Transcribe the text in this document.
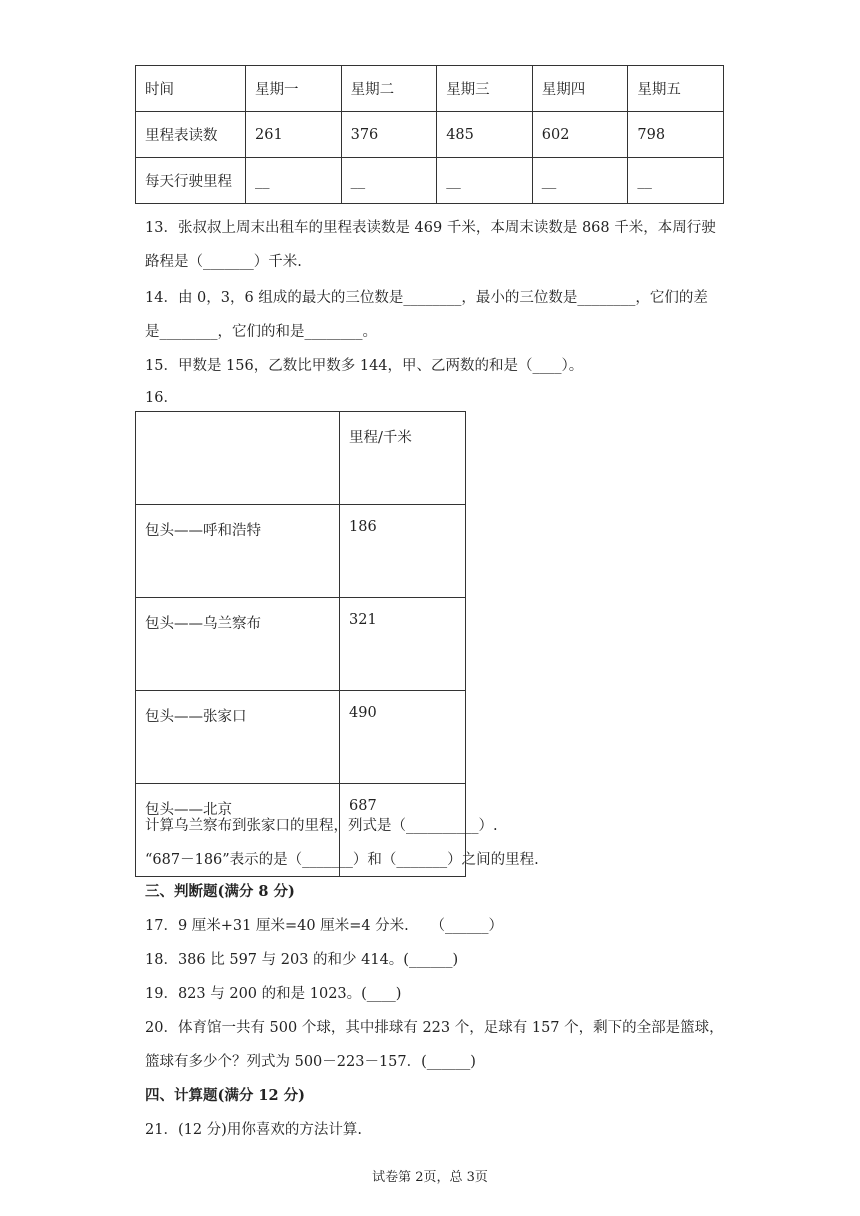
时间	星期一	星期二	星期三	星期四	星期五
里程表读数	261	376	485	602	798
每天行驶里程	__	__	__	__	__
13．张叔叔上周末出租车的里程表读数是 469 千米，本周末读数是 868 千米，本周行驶
路程是（_______）千米.
14．由 0，3，6 组成的最大的三位数是________，最小的三位数是________，它们的差
是________，它们的和是________。
15．甲数是 156，乙数比甲数多 144，甲、乙两数的和是（____）。
16．
	里程/千米
包头——呼和浩特	186
包头——乌兰察布	321
包头——张家口	490
包头——北京	687
计算乌兰察布到张家口的里程，列式是（__________）.
“687－186”表示的是（_______）和（_______）之间的里程.
三、判断题(满分 8 分)
17．9 厘米+31 厘米=40 厘米=4 分米.　　（______）
18．386 比 597 与 203 的和少 414。(______)
19．823 与 200 的和是 1023。(____)
20．体育馆一共有 500 个球，其中排球有 223 个，足球有 157 个，剩下的全部是篮球，
篮球有多少个？列式为 500－223－157．(______)
四、计算题(满分 12 分)
21．(12 分)用你喜欢的方法计算.
试卷第 2页，总 3页
